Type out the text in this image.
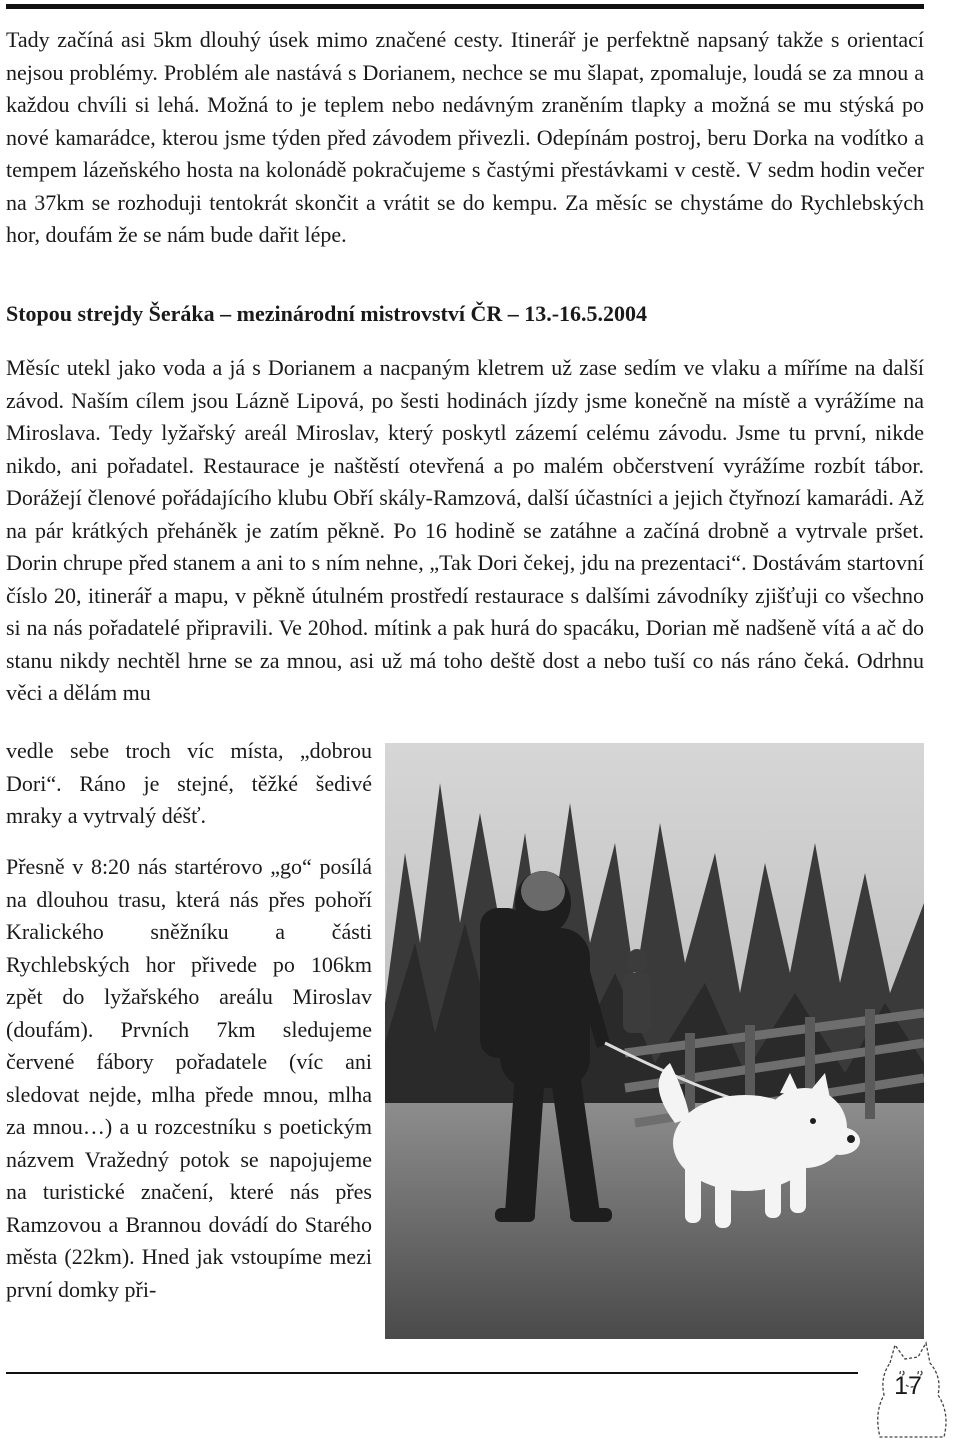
Tady začíná asi 5km dlouhý úsek mimo značené cesty. Itinerář je perfektně napsaný takže s orientací nejsou problémy. Problém ale nastává s Dorianem, nechce se mu šlapat, zpomaluje, loudá se za mnou a každou chvíli si lehá. Možná to je teplem nebo nedávným zraněním tlapky a možná se mu stýská po nové kamarádce, kterou jsme týden před závodem přivezli. Odepínám postroj, beru Dorka na vodítko a tempem lázeňského hosta na kolonádě pokračujeme s častými přestávkami v cestě. V sedm hodin večer na 37km se rozhoduji tentokrát skončit a vrátit se do kempu. Za měsíc se chystáme do Rychlebských hor, doufám že se nám bude dařit lépe.

Stopou strejdy Šeráka – mezinárodní mistrovství ČR – 13.-16.5.2004

Měsíc utekl jako voda a já s Dorianem a nacpaným kletrem už zase sedím ve vlaku a míříme na další závod. Naším cílem jsou Lázně Lipová, po šesti hodinách jízdy jsme konečně na místě a vyrážíme na Miroslava. Tedy lyžařský areál Miroslav, který poskytl zázemí celému závodu. Jsme tu první, nikde nikdo, ani pořadatel. Restaurace je naštěstí otevřená a po malém občerstvení vyrážíme rozbít tábor. Dorážejí členové pořádajícího klubu Obří skály-Ramzová, další účastníci a jejich čtyřnozí kamarádi. Až na pár krátkých přeháněk je zatím pěkně. Po 16 hodině se zatáhne a začíná drobně a vytrvale pršet. Dorin chrupe před stanem a ani to s ním nehne, „Tak Dori čekej, jdu na prezentaci“. Dostávám startovní číslo 20, itinerář a mapu, v pěkně útulném prostředí restaurace s dalšími závodníky zjišťuji co všechno si na nás pořadatelé připravili. Ve 20hod. mítink a pak hurá do spacáku, Dorian mě nadšeně vítá a ač do stanu nikdy nechtěl hrne se za mnou, asi už má toho deště dost a nebo tuší co nás ráno čeká. Odrhnu věci a dělám mu

vedle sebe troch víc místa, „dobrou Dori“. Ráno je stejné, těžké šedivé mraky a vytrvalý déšť.

Přesně v 8:20 nás startérovo „go“ posílá na dlouhou trasu, která nás přes pohoří Kralického sněžníku a části Rychlebských hor přivede po 106km zpět do lyžařského areálu Miroslav (doufám). Prvních 7km sledujeme červené fábory pořadatele (víc ani sledovat nejde, mlha přede mnou, mlha za mnou…) a u rozcestníku s poetickým názvem Vražedný potok se napojujeme na turistické značení, které nás přes Ramzovou a Brannou dovádí do Starého města (22km). Hned jak vstoupíme mezi první domky při-

17
